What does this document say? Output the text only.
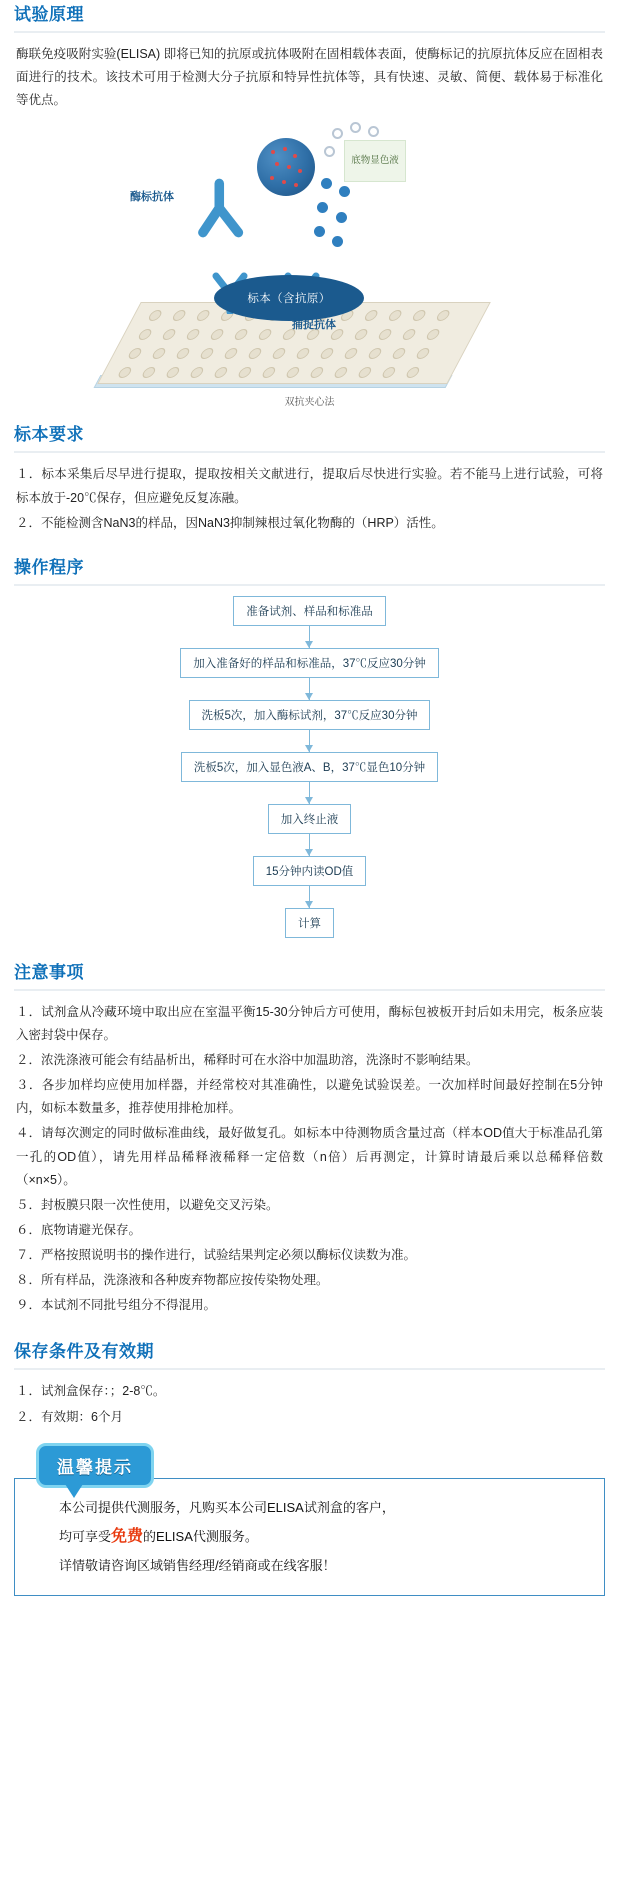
试验原理

酶联免疫吸附实验(ELISA) 即将已知的抗原或抗体吸附在固相载体表面，使酶标记的抗原抗体反应在固相表面进行的技术。该技术可用于检测大分子抗原和特异性抗体等，具有快速、灵敏、简便、载体易于标准化等优点。

底物显色液
标本（含抗原）
酶标抗体
捕捉抗体
双抗夹心法
标本要求

１．标本采集后尽早进行提取，提取按相关文献进行，提取后尽快进行实验。若不能马上进行试验，可将标本放于-20℃保存，但应避免反复冻融。

２．不能检测含NaN3的样品，因NaN3抑制辣根过氧化物酶的（HRP）活性。

操作程序
准备试剂、样品和标准品
加入准备好的样品和标准品，37℃反应30分钟
洗板5次，加入酶标试剂，37℃反应30分钟
洗板5次，加入显色液A、B，37℃显色10分钟
加入终止液
15分钟内读OD值
计算
注意事项

１．试剂盒从冷藏环境中取出应在室温平衡15-30分钟后方可使用，酶标包被板开封后如未用完，板条应装入密封袋中保存。

２．浓洗涤液可能会有结晶析出，稀释时可在水浴中加温助溶，洗涤时不影响结果。

３．各步加样均应使用加样器，并经常校对其准确性，以避免试验误差。一次加样时间最好控制在5分钟内，如标本数量多，推荐使用排枪加样。

４．请每次测定的同时做标准曲线，最好做复孔。如标本中待测物质含量过高（样本OD值大于标准品孔第一孔的OD值），请先用样品稀释液稀释一定倍数（n倍）后再测定，计算时请最后乘以总稀释倍数（×n×5）。

５．封板膜只限一次性使用，以避免交叉污染。

６．底物请避光保存。

７．严格按照说明书的操作进行，试验结果判定必须以酶标仪读数为准。

８．所有样品，洗涤液和各种废弃物都应按传染物处理。

９．本试剂不同批号组分不得混用。

保存条件及有效期

１．试剂盒保存：；2-8℃。

２．有效期：6个月

温馨提示
本公司提供代测服务，凡购买本公司ELISA试剂盒的客户，
均可享受免费的ELISA代测服务。
详情敬请咨询区域销售经理/经销商或在线客服！
